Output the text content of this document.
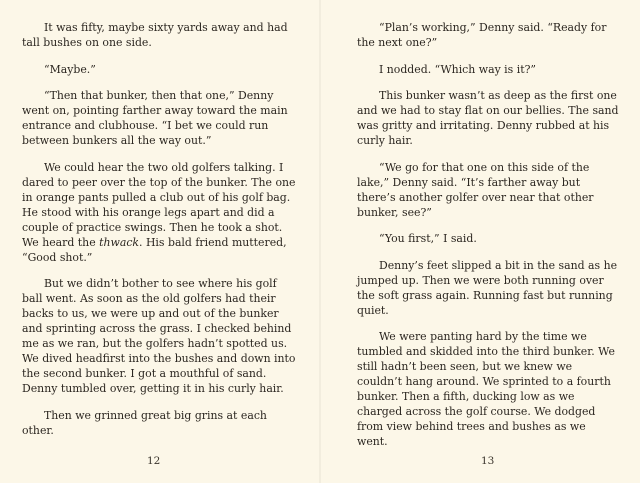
It was fifty, maybe sixty yards away and had tall bushes on one side.

“Maybe.”

“Then that bunker, then that one,” Denny went on, pointing farther away toward the main entrance and clubhouse. “I bet we could run between bunkers all the way out.”

We could hear the two old golfers talking. I dared to peer over the top of the bunker. The one in orange pants pulled a club out of his golf bag. He stood with his orange legs apart and did a couple of practice swings. Then he took a shot. We heard the thwack. His bald friend muttered, “Good shot.”

But we didn’t bother to see where his golf ball went. As soon as the old golfers had their backs to us, we were up and out of the bunker and sprinting across the grass. I checked behind me as we ran, but the golfers hadn’t spotted us. We dived headfirst into the bushes and down into the second bunker. I got a mouthful of sand. Denny tumbled over, getting it in his curly hair.

Then we grinned great big grins at each other.

12

“Plan’s working,” Denny said. “Ready for the next one?”

I nodded. “Which way is it?”

This bunker wasn’t as deep as the first one and we had to stay flat on our bellies. The sand was gritty and irritating. Denny rubbed at his curly hair.

“We go for that one on this side of the lake,” Denny said. “It’s farther away but there’s another golfer over near that other bunker, see?”

“You first,” I said.

Denny’s feet slipped a bit in the sand as he jumped up. Then we were both running over the soft grass again. Running fast but running quiet.

We were panting hard by the time we tumbled and skidded into the third bunker. We still hadn’t been seen, but we knew we couldn’t hang around. We sprinted to a fourth bunker. Then a fifth, ducking low as we charged across the golf course. We dodged from view behind trees and bushes as we went.

13
